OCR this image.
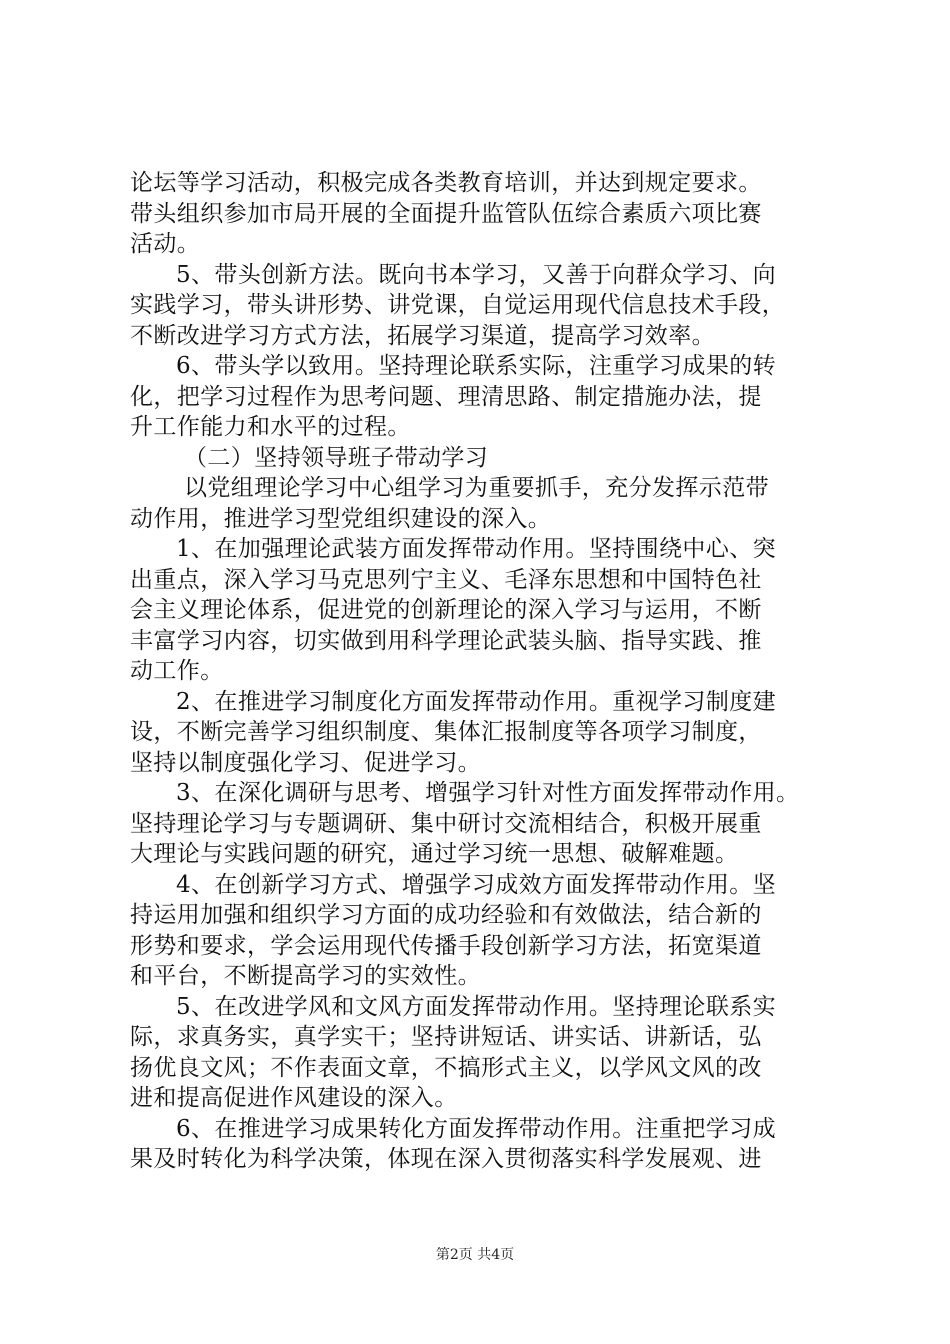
论坛等学习活动，积极完成各类教育培训，并达到规定要求。
带头组织参加市局开展的全面提升监管队伍综合素质六项比赛
活动。
5、带头创新方法。既向书本学习，又善于向群众学习、向
实践学习，带头讲形势、讲党课，自觉运用现代信息技术手段，
不断改进学习方式方法，拓展学习渠道，提高学习效率。
6、带头学以致用。坚持理论联系实际，注重学习成果的转
化，把学习过程作为思考问题、理清思路、制定措施办法，提
升工作能力和水平的过程。
（二）坚持领导班子带动学习
以党组理论学习中心组学习为重要抓手，充分发挥示范带
动作用，推进学习型党组织建设的深入。
1、在加强理论武装方面发挥带动作用。坚持围绕中心、突
出重点，深入学习马克思列宁主义、毛泽东思想和中国特色社
会主义理论体系，促进党的创新理论的深入学习与运用，不断
丰富学习内容，切实做到用科学理论武装头脑、指导实践、推
动工作。
2、在推进学习制度化方面发挥带动作用。重视学习制度建
设，不断完善学习组织制度、集体汇报制度等各项学习制度，
坚持以制度强化学习、促进学习。
3、在深化调研与思考、增强学习针对性方面发挥带动作用。
坚持理论学习与专题调研、集中研讨交流相结合，积极开展重
大理论与实践问题的研究，通过学习统一思想、破解难题。
4、在创新学习方式、增强学习成效方面发挥带动作用。坚
持运用加强和组织学习方面的成功经验和有效做法，结合新的
形势和要求，学会运用现代传播手段创新学习方法，拓宽渠道
和平台，不断提高学习的实效性。
5、在改进学风和文风方面发挥带动作用。坚持理论联系实
际，求真务实，真学实干；坚持讲短话、讲实话、讲新话，弘
扬优良文风；不作表面文章，不搞形式主义，以学风文风的改
进和提高促进作风建设的深入。
6、在推进学习成果转化方面发挥带动作用。注重把学习成
果及时转化为科学决策，体现在深入贯彻落实科学发展观、进
第2页 共4页
